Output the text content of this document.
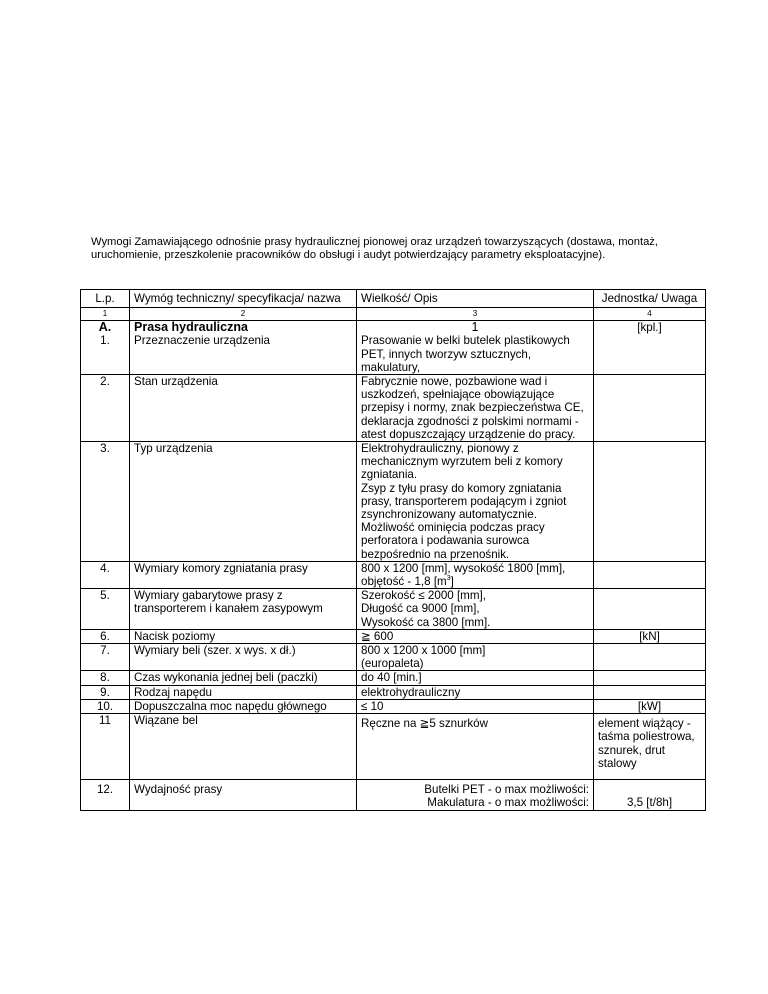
Wymogi Zamawiającego odnośnie prasy hydraulicznej pionowej oraz urządzeń towarzyszących (dostawa, montaż, uruchomienie, przeszkolenie pracowników do obsługi i audyt potwierdzający parametry eksploatacyjne).

L.p.	Wymóg techniczny/ specyfikacja/ nazwa	Wielkość/ Opis	Jednostka/ Uwaga
1	2	3	4
A.	Prasa hydrauliczna	1	[kpl.]
1.	Przeznaczenie urządzenia	Prasowanie w belki butelek plastikowych PET, innych tworzyw sztucznych, makulatury,	
2.	Stan urządzenia	Fabrycznie nowe, pozbawione wad i uszkodzeń, spełniające obowiązujące przepisy i normy, znak bezpieczeństwa CE, deklaracja zgodności z polskimi normami - atest dopuszczający urządzenie do pracy.	
3.	Typ urządzenia	Elektrohydrauliczny, pionowy z mechanicznym wyrzutem beli z komory zgniatania.
Zsyp z tyłu prasy do komory zgniatania prasy, transporterem podającym i zgniot zsynchronizowany automatycznie.
Możliwość ominięcia podczas pracy perforatora i podawania surowca bezpośrednio na przenośnik.	
4.	Wymiary komory zgniatania prasy	800 x 1200 [mm], wysokość 1800 [mm], objętość - 1,8 $[m^3]$	
5.	Wymiary gabarytowe prasy z transporterem i kanałem zasypowym	Szerokość ≤ 2000 [mm],
Długość ca 9000 [mm],
Wysokość ca 3800 [mm].	
6.	Nacisk poziomy	≧ 600	[kN]
7.	Wymiary beli (szer. x wys. x dł.)	800 x 1200 x 1000 [mm]
(europaleta)	
8.	Czas wykonania jednej beli (paczki)	do 40 [min.]	
9.	Rodzaj napędu	elektrohydrauliczny	
10.	Dopuszczalna moc napędu głównego	≤ 10	[kW]
11	Wiązane bel	Ręczne na ≧5 sznurków	element wiążący - taśma poliestrowa, sznurek, drut stalowy
12.	Wydajność prasy	Butelki PET - o max możliwości:
Makulatura - o max możliwości:	3,5 [t/8h]
